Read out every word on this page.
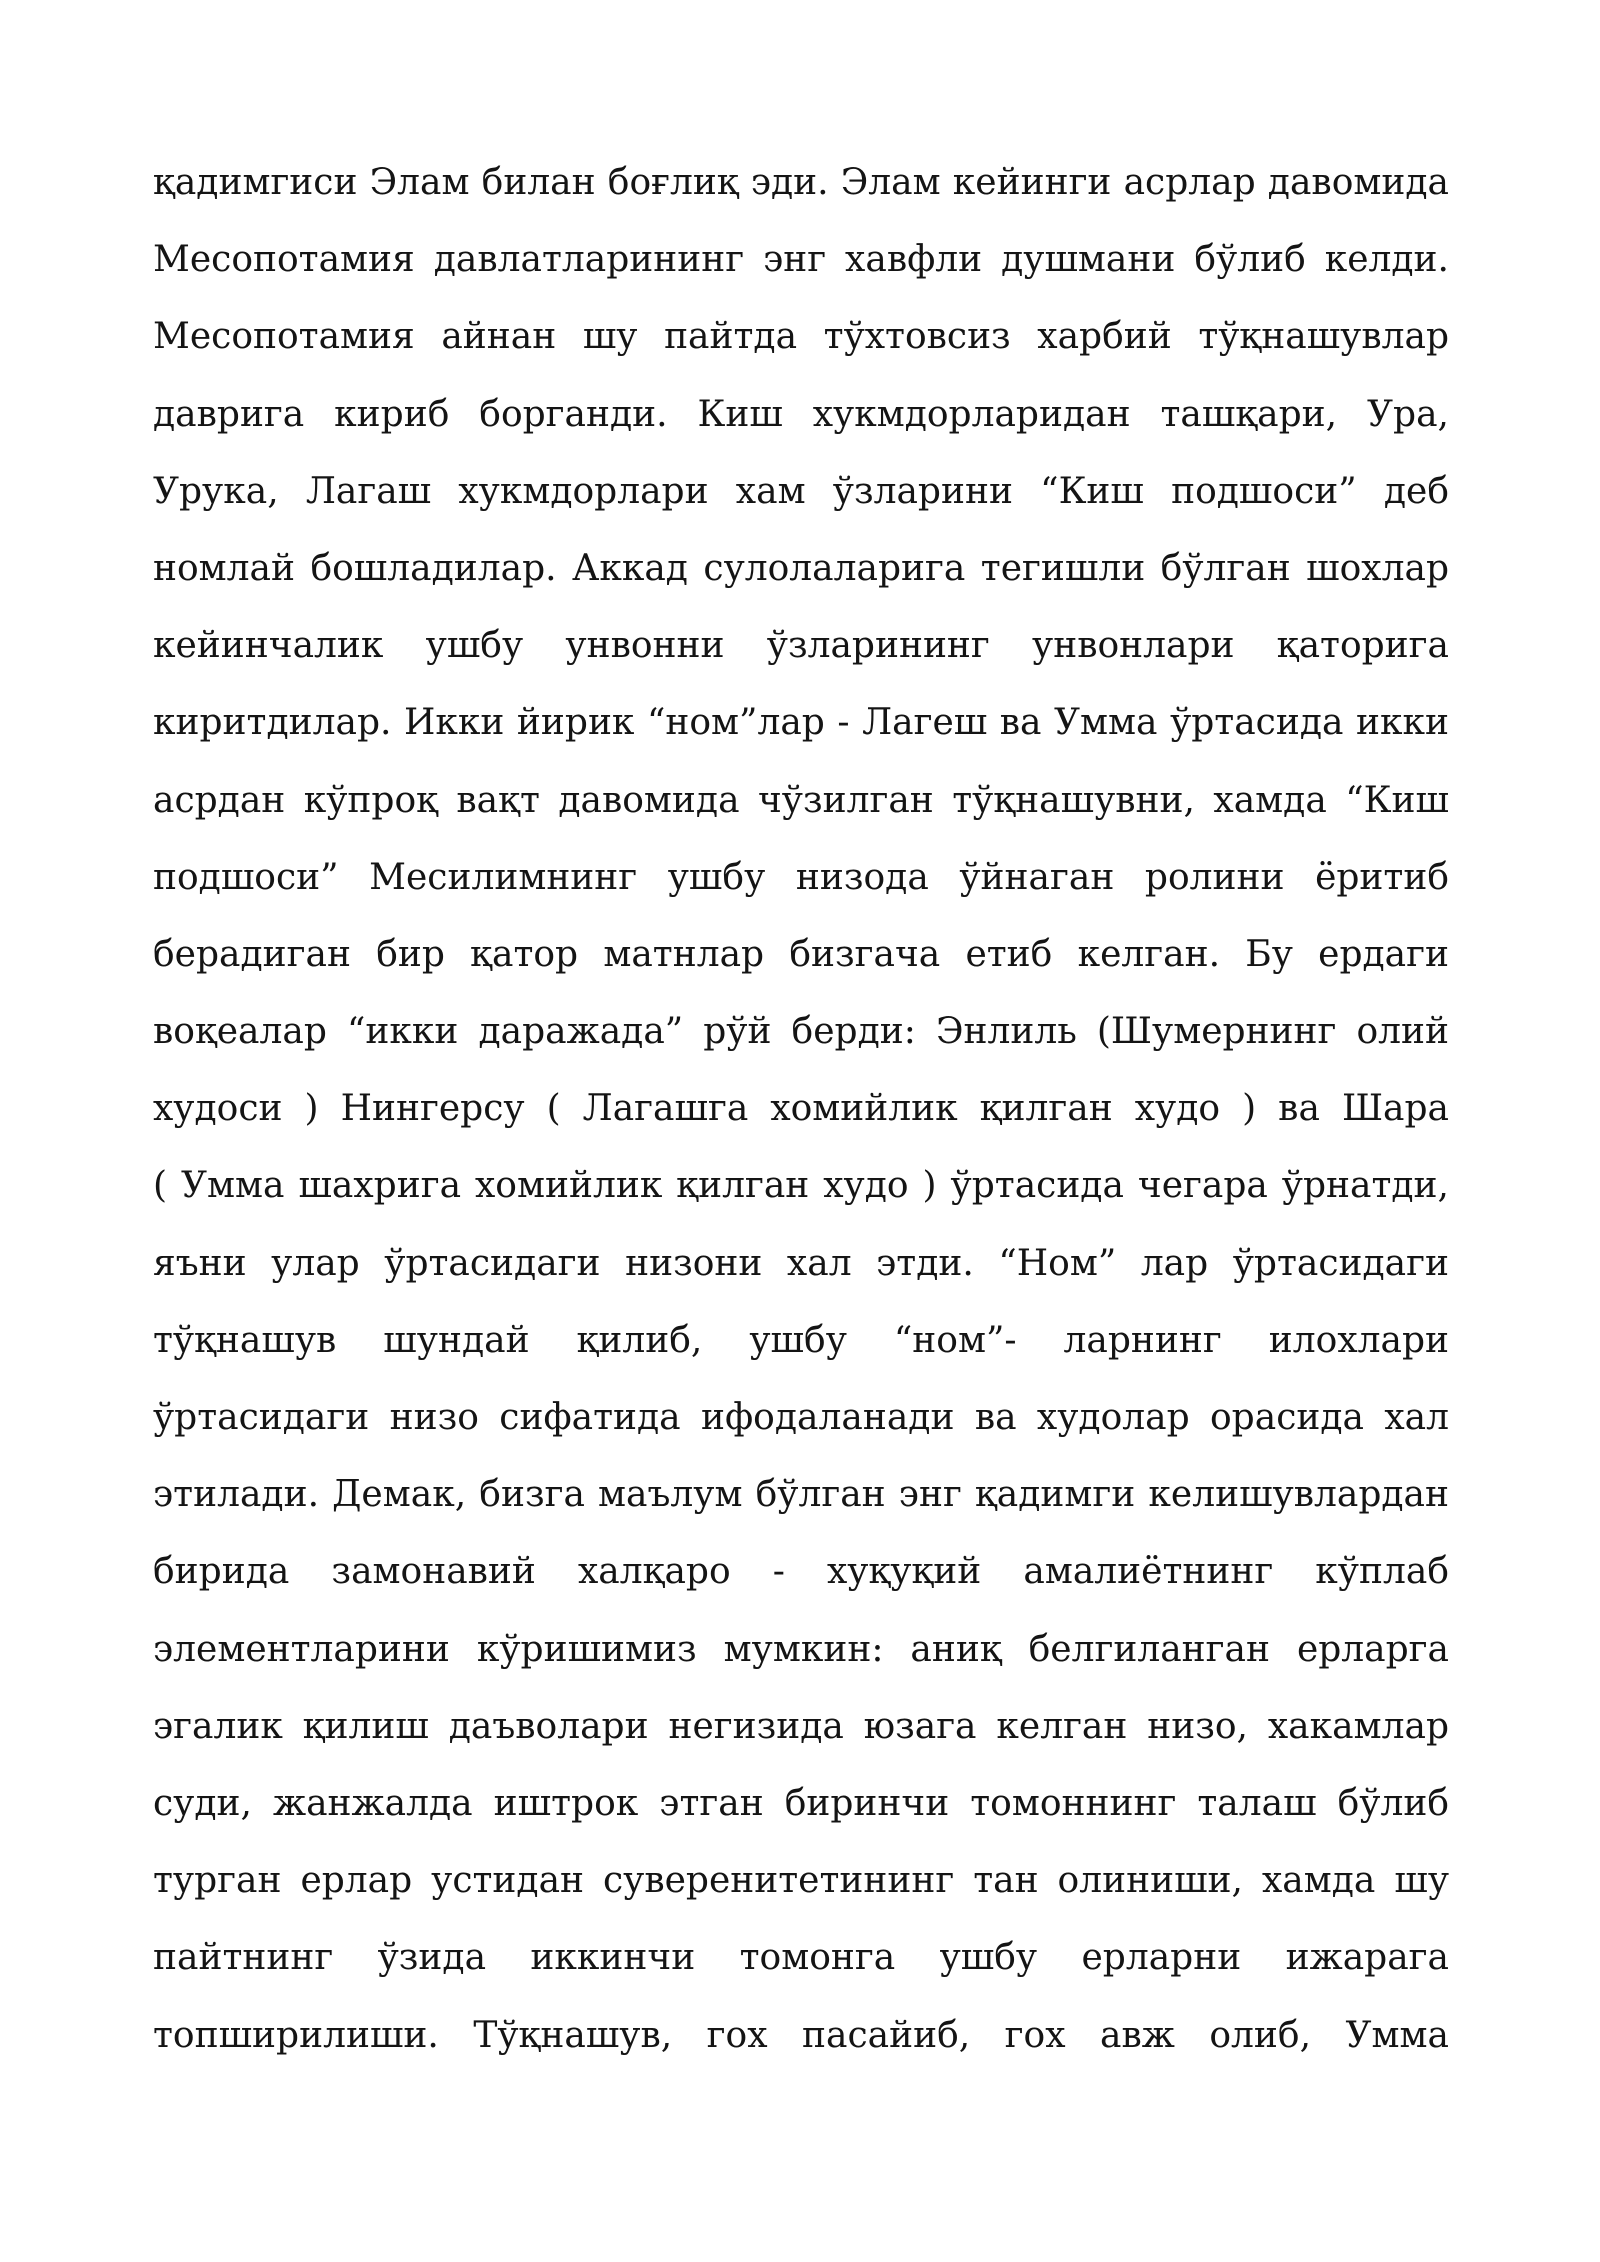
қадимгиси Элам билан боғлиқ эди. Элам кейинги асрлар давомида
Месопотамия давлатларининг энг хавфли душмани бўлиб келди.
Месопотамия айнан шу пайтда тўхтовсиз харбий тўқнашувлар
даврига кириб борганди. Киш хукмдорларидан ташқари, Ура,
Урука, Лагаш хукмдорлари хам ўзларини “Киш подшоси” деб
номлай бошладилар. Аккад сулолаларига тегишли бўлган шохлар
кейинчалик ушбу унвонни ўзларининг унвонлари қаторига
киритдилар. Икки йирик “ном”лар - Лагеш ва Умма ўртасида икки
асрдан кўпроқ вақт давомида чўзилган тўқнашувни, хамда “Киш
подшоси” Месилимнинг ушбу низода ўйнаган ролини ёритиб
берадиган бир қатор матнлар бизгача етиб келган. Бу ердаги
воқеалар “икки даражада” рўй берди: Энлиль (Шумернинг олий
худоси ) Нингерсу ( Лагашга хомийлик қилган худо ) ва Шара
( Умма шахрига хомийлик қилган худо ) ўртасида чегара ўрнатди,
яъни улар ўртасидаги низони хал этди. “Ном” лар ўртасидаги
тўқнашув шундай қилиб, ушбу “ном”- ларнинг илохлари
ўртасидаги низо сифатида ифодаланади ва худолар орасида хал
этилади. Демак, бизга маълум бўлган энг қадимги келишувлардан
бирида замонавий халқаро - хуқуқий амалиётнинг кўплаб
элементларини кўришимиз мумкин: аниқ белгиланган ерларга
эгалик қилиш даъволари негизида юзага келган низо, хакамлар
суди, жанжалда иштрок этган биринчи томоннинг талаш бўлиб
турган ерлар устидан суверенитетининг тан олиниши, хамда шу
пайтнинг ўзида иккинчи томонга ушбу ерларни ижарага
топширилиши. Тўқнашув, гох пасайиб, гох авж олиб, Умма
